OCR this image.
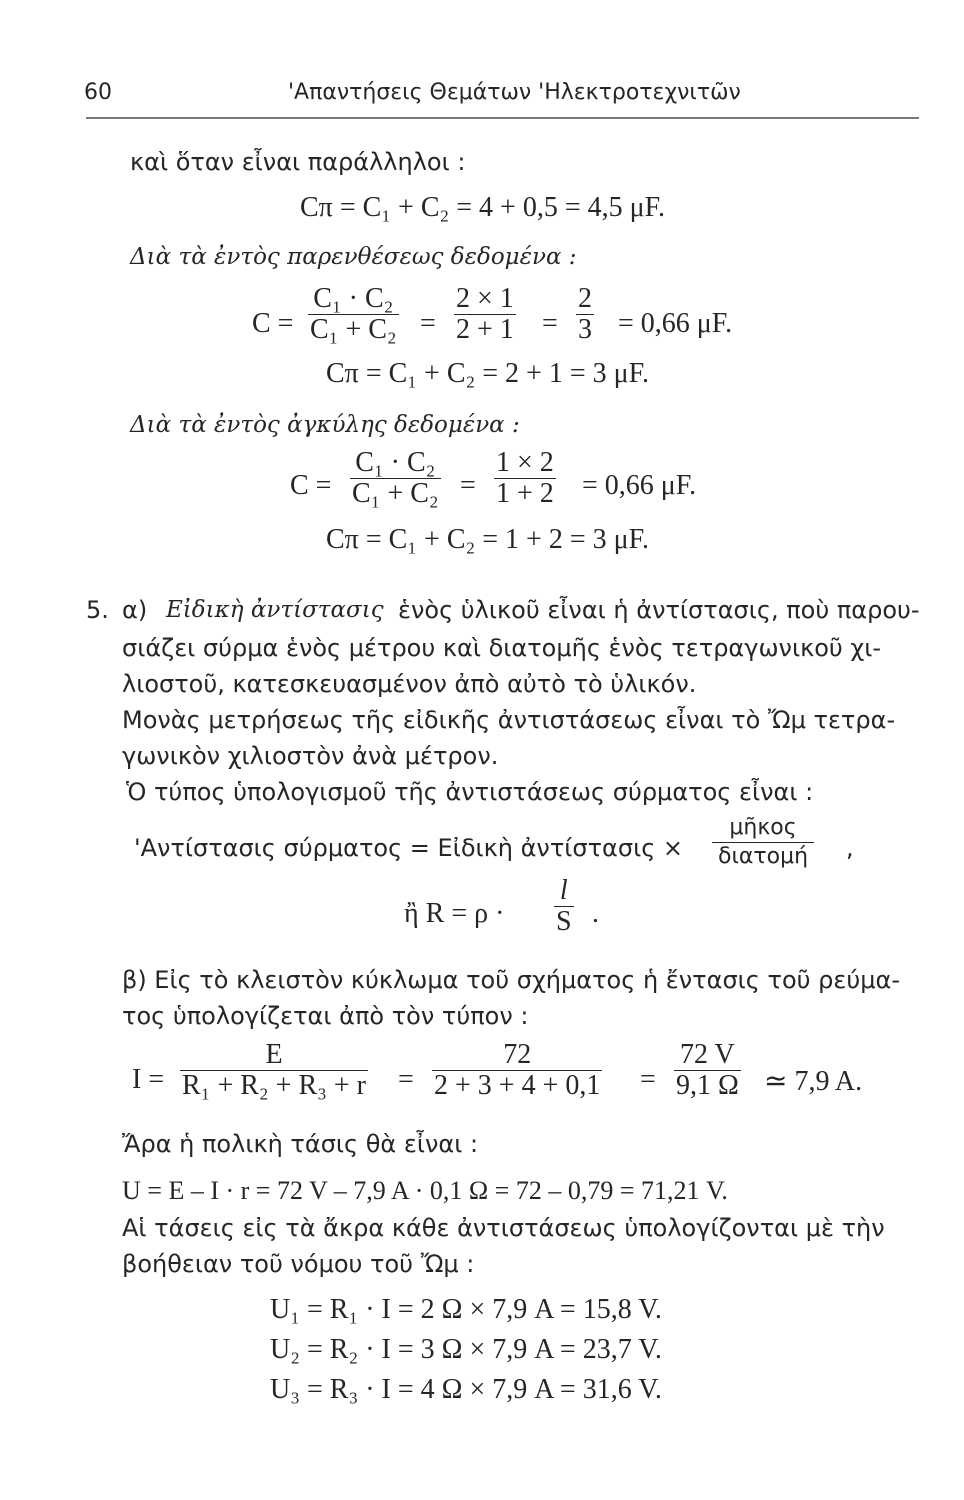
60	'Απαντήσεις Θεμάτων 'Ηλεκτροτεχνιτῶν
καὶ ὅταν εἶναι παράλληλοι :
Cπ = C₁ + C₂ = 4 + 0,5 = 4,5 μF.
Διὰ τὰ ἐντὸς παρενθέσεως δεδομένα :
$C = \frac{\text{C₁ · C₂}}{\text{C₁ + C₂}} = \frac{2 \times 1}{2 + 1} = \frac{2}{3} = 0,66$ μF.
Cπ = C₁ + C₂ = 2 + 1 = 3 μF.
Διὰ τὰ ἐντὸς ἀγκύλης δεδομένα :
$C = \frac{\text{C₁ · C₂}}{\text{C₁ + C₂}} = \frac{1 \times 2}{1 + 2} = 0,66$ μF.
Cπ = C₁ + C₂ = 1 + 2 = 3 μF.
5. α) Εἰδικὴ ἀντίστασις ἑνὸς ὑλικοῦ εἶναι ἡ ἀντίστασις, ποὺ παρου-
σιάζει σύρμα ἑνὸς μέτρου καὶ διατομῆς ἑνὸς τετραγωνικοῦ χι-
λιοστοῦ, κατεσκευασμένον ἀπὸ αὐτὸ τὸ ὑλικόν.
Μονὰς μετρήσεως τῆς εἰδικῆς ἀντιστάσεως εἶναι τὸ Ὤμ τετρα-
γωνικὸν χιλιοστὸν ἀνὰ μέτρον.
Ὁ τύπος ὑπολογισμοῦ τῆς ἀντιστάσεως σύρματος εἶναι :
'Αντίστασις σύρματος = Εἰδικὴ ἀντίστασις ×
μῆκος
διατομή ,
ἢ $R = \rho \cdot \frac{l}{S}$ .
β) Εἰς τὸ κλειστὸν κύκλωμα τοῦ σχήματος ἡ ἔντασις τοῦ ρεύμα-
τος ὑπολογίζεται ἀπὸ τὸν τύπον :
$I = \frac{E}{\text{R₁ + R₂ + R₃ + r}} = \frac{72}{2 + 3 + 4 + 0,1} = \frac{72 V}{9,1 \Omega}$ ≃ 7,9 A.
Ἄρα ἡ πολικὴ τάσις θὰ εἶναι :
U = E – I · r = 72 V – 7,9 A · 0,1 Ω = 72 – 0,79 = 71,21 V.
Αἱ τάσεις εἰς τὰ ἄκρα κάθε ἀντιστάσεως ὑπολογίζονται μὲ τὴν
βοήθειαν τοῦ νόμου τοῦ Ὤμ :
U₁ = R₁ · I = 2 Ω × 7,9 A = 15,8 V.
U₂ = R₂ · I = 3 Ω × 7,9 A = 23,7 V.
U₃ = R₃ · I = 4 Ω × 7,9 A = 31,6 V.
